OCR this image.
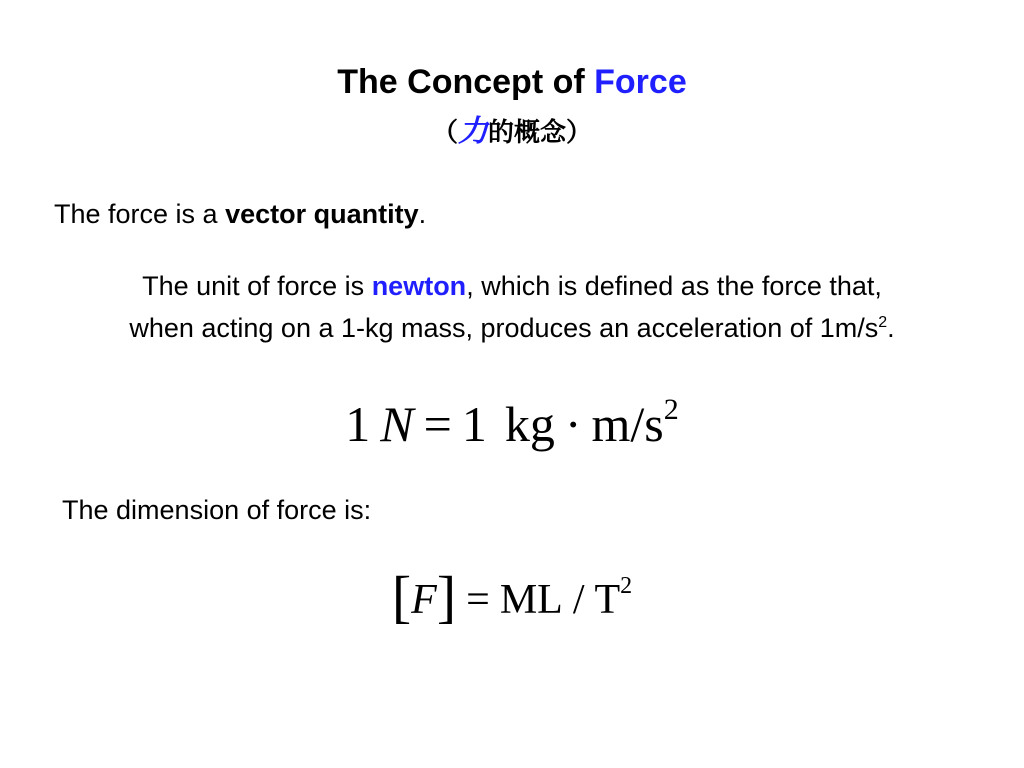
The Concept of Force
（力的概念）
The force is a vector quantity.
The unit of force is newton, which is defined as the force that,
when acting on a 1-kg mass, produces an acceleration of $1m/s^2$.
1 N = 1 kg · $m/s^2$
The dimension of force is:
[F] = ML / $T^2$
